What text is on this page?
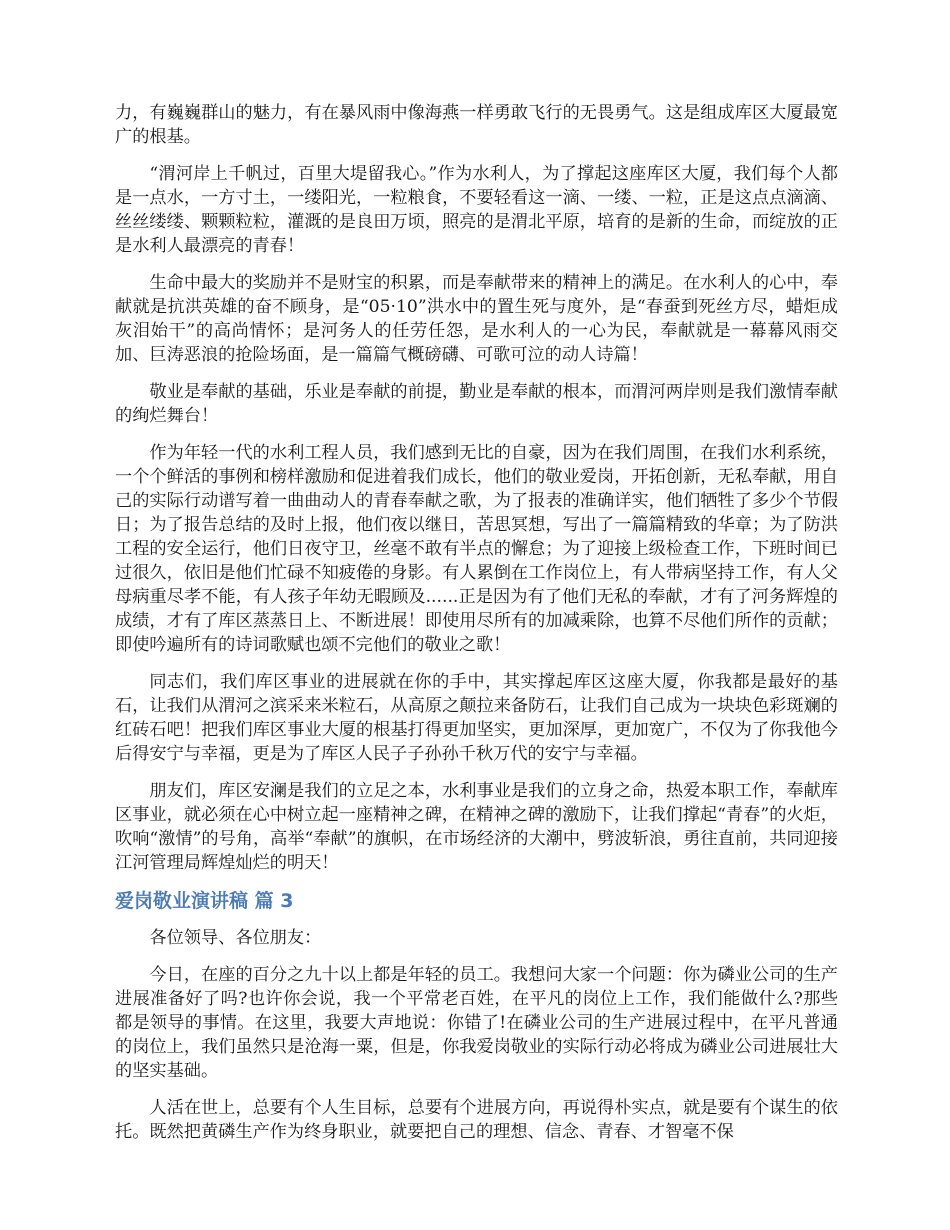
力，有巍巍群山的魅力，有在暴风雨中像海燕一样勇敢飞行的无畏勇气。这是组成库区大厦最宽广的根基。

“渭河岸上千帆过，百里大堤留我心。”作为水利人，为了撑起这座库区大厦，我们每个人都是一点水，一方寸土，一缕阳光，一粒粮食，不要轻看这一滴、一缕、一粒，正是这点点滴滴、丝丝缕缕、颗颗粒粒，灌溉的是良田万顷，照亮的是渭北平原，培育的是新的生命，而绽放的正是水利人最漂亮的青春！

生命中最大的奖励并不是财宝的积累，而是奉献带来的精神上的满足。在水利人的心中，奉献就是抗洪英雄的奋不顾身，是“05·10”洪水中的置生死与度外，是“春蚕到死丝方尽，蜡炬成灰泪始干”的高尚情怀；是河务人的任劳任怨，是水利人的一心为民，奉献就是一幕幕风雨交加、巨涛恶浪的抢险场面，是一篇篇气概磅礴、可歌可泣的动人诗篇！

敬业是奉献的基础，乐业是奉献的前提，勤业是奉献的根本，而渭河两岸则是我们激情奉献的绚烂舞台！

作为年轻一代的水利工程人员，我们感到无比的自豪，因为在我们周围，在我们水利系统，一个个鲜活的事例和榜样激励和促进着我们成长，他们的敬业爱岗，开拓创新，无私奉献，用自己的实际行动谱写着一曲曲动人的青春奉献之歌，为了报表的准确详实，他们牺牲了多少个节假日；为了报告总结的及时上报，他们夜以继日，苦思冥想，写出了一篇篇精致的华章；为了防洪工程的安全运行，他们日夜守卫，丝毫不敢有半点的懈怠；为了迎接上级检查工作，下班时间已过很久，依旧是他们忙碌不知疲倦的身影。有人累倒在工作岗位上，有人带病坚持工作，有人父母病重尽孝不能，有人孩子年幼无暇顾及......正是因为有了他们无私的奉献，才有了河务辉煌的成绩，才有了库区蒸蒸日上、不断进展！即使用尽所有的加减乘除，也算不尽他们所作的贡献；即使吟遍所有的诗词歌赋也颂不完他们的敬业之歌！

同志们，我们库区事业的进展就在你的手中，其实撑起库区这座大厦，你我都是最好的基石，让我们从渭河之滨采来米粒石，从高原之颠拉来备防石，让我们自己成为一块块色彩斑斓的红砖石吧！把我们库区事业大厦的根基打得更加坚实，更加深厚，更加宽广，不仅为了你我他今后得安宁与幸福，更是为了库区人民子子孙孙千秋万代的安宁与幸福。

朋友们，库区安澜是我们的立足之本，水利事业是我们的立身之命，热爱本职工作，奉献库区事业，就必须在心中树立起一座精神之碑，在精神之碑的激励下，让我们撑起“青春”的火炬，吹响“激情”的号角，高举“奉献”的旗帜，在市场经济的大潮中，劈波斩浪，勇往直前，共同迎接江河管理局辉煌灿烂的明天！

爱岗敬业演讲稿 篇 3

各位领导、各位朋友：

今日，在座的百分之九十以上都是年轻的员工。我想问大家一个问题：你为磷业公司的生产进展准备好了吗?也许你会说，我一个平常老百姓，在平凡的岗位上工作，我们能做什么?那些都是领导的事情。在这里，我要大声地说：你错了!在磷业公司的生产进展过程中，在平凡普通的岗位上，我们虽然只是沧海一粟，但是，你我爱岗敬业的实际行动必将成为磷业公司进展壮大的坚实基础。

人活在世上，总要有个人生目标，总要有个进展方向，再说得朴实点，就是要有个谋生的依托。既然把黄磷生产作为终身职业，就要把自己的理想、信念、青春、才智毫不保
